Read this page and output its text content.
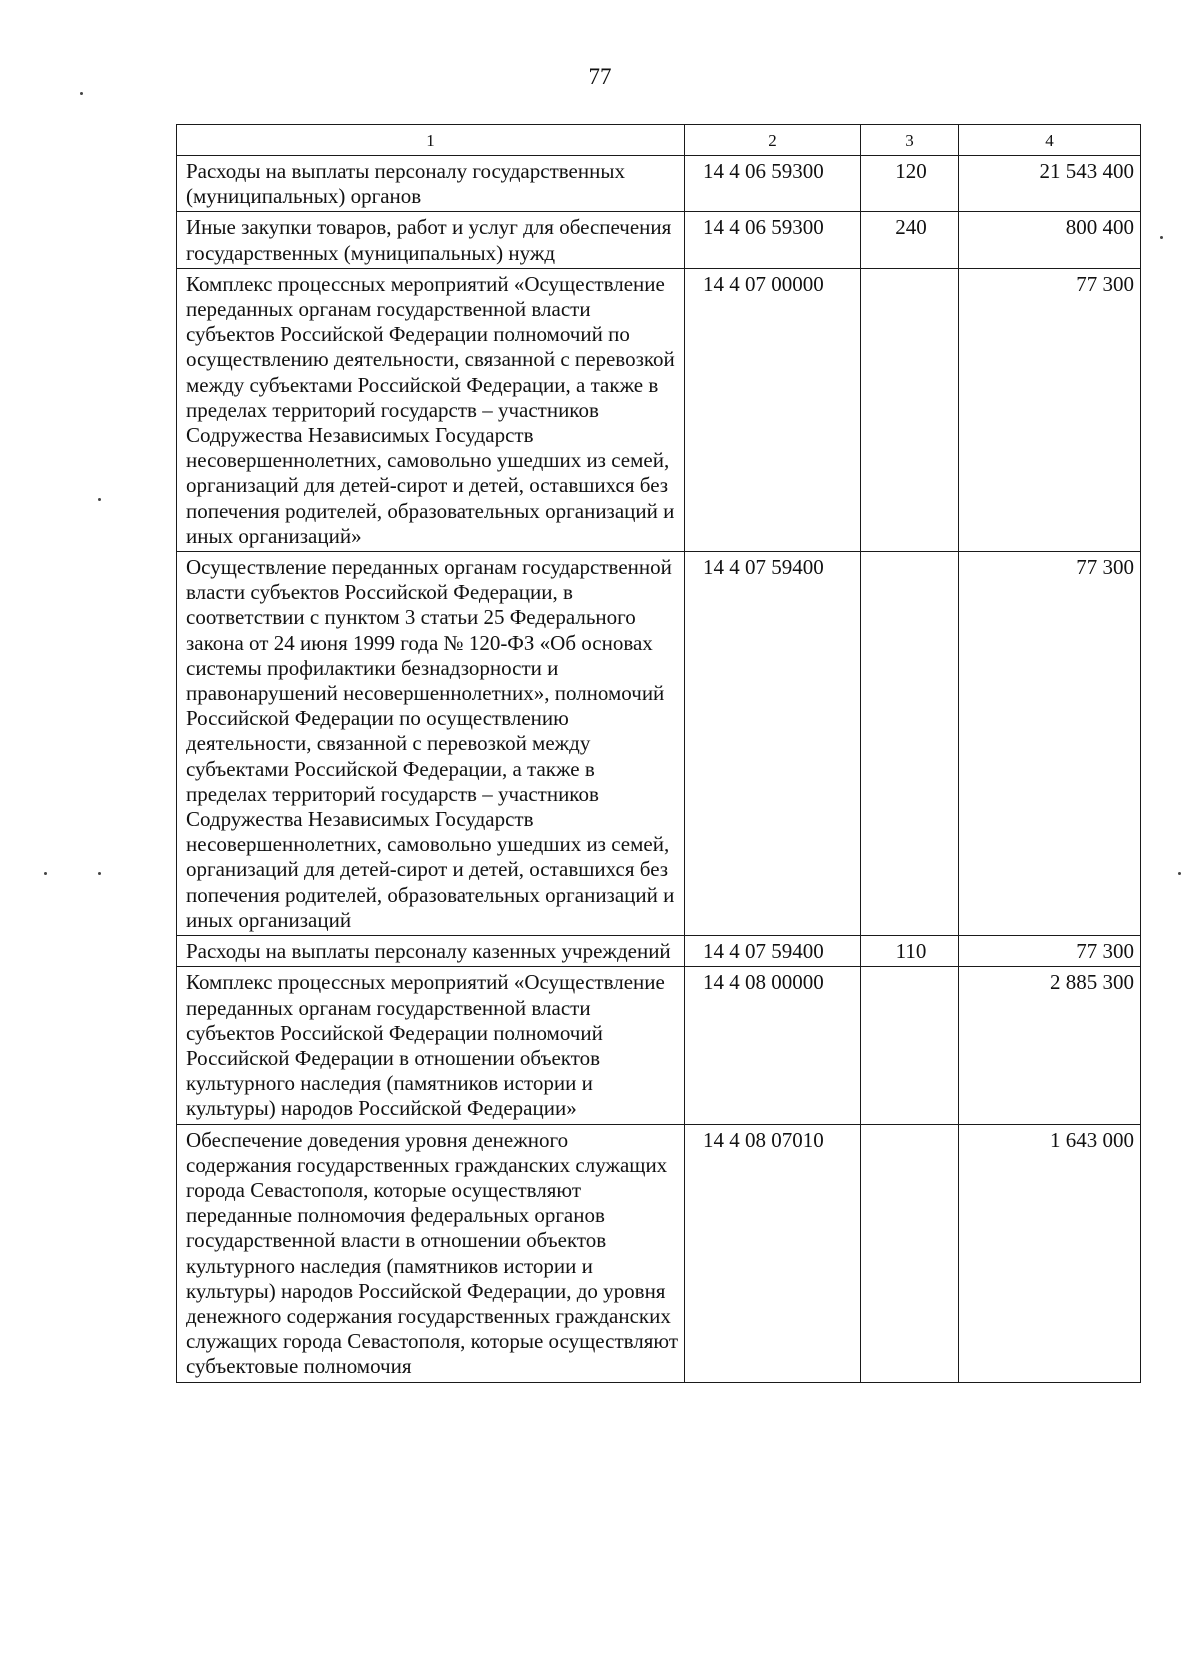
77
1	2	3	4
Расходы на выплаты персоналу государственных (муниципальных) органов	14 4 06 59300	120	21 543 400
Иные закупки товаров, работ и услуг для обеспечения государственных (муниципальных) нужд	14 4 06 59300	240	800 400
Комплекс процессных мероприятий «Осуществление переданных органам государственной власти субъектов Российской Федерации полномочий по осуществлению деятельности, связанной с перевозкой между субъектами Российской Федерации, а также в пределах территорий государств – участников Содружества Независимых Государств несовершеннолетних, самовольно ушедших из семей, организаций для детей-сирот и детей, оставшихся без попечения родителей, образовательных организаций и иных организаций»	14 4 07 00000		77 300
Осуществление переданных органам государственной власти субъектов Российской Федерации, в соответствии с пунктом 3 статьи 25 Федерального закона от 24 июня 1999 года № 120-ФЗ «Об основах системы профилактики безнадзорности и правонарушений несовершеннолетних», полномочий Российской Федерации по осуществлению деятельности, связанной с перевозкой между субъектами Российской Федерации, а также в пределах территорий государств – участников Содружества Независимых Государств несовершеннолетних, самовольно ушедших из семей, организаций для детей-сирот и детей, оставшихся без попечения родителей, образовательных организаций и иных организаций	14 4 07 59400		77 300
Расходы на выплаты персоналу казенных учреждений	14 4 07 59400	110	77 300
Комплекс процессных мероприятий «Осуществление переданных органам государственной власти субъектов Российской Федерации полномочий Российской Федерации в отношении объектов культурного наследия (памятников истории и культуры) народов Российской Федерации»	14 4 08 00000		2 885 300
Обеспечение доведения уровня денежного содержания государственных гражданских служащих города Севастополя, которые осуществляют переданные полномочия федеральных органов государственной власти в отношении объектов культурного наследия (памятников истории и культуры) народов Российской Федерации, до уровня денежного содержания государственных гражданских служащих города Севастополя, которые осуществляют субъектовые полномочия	14 4 08 07010		1 643 000
